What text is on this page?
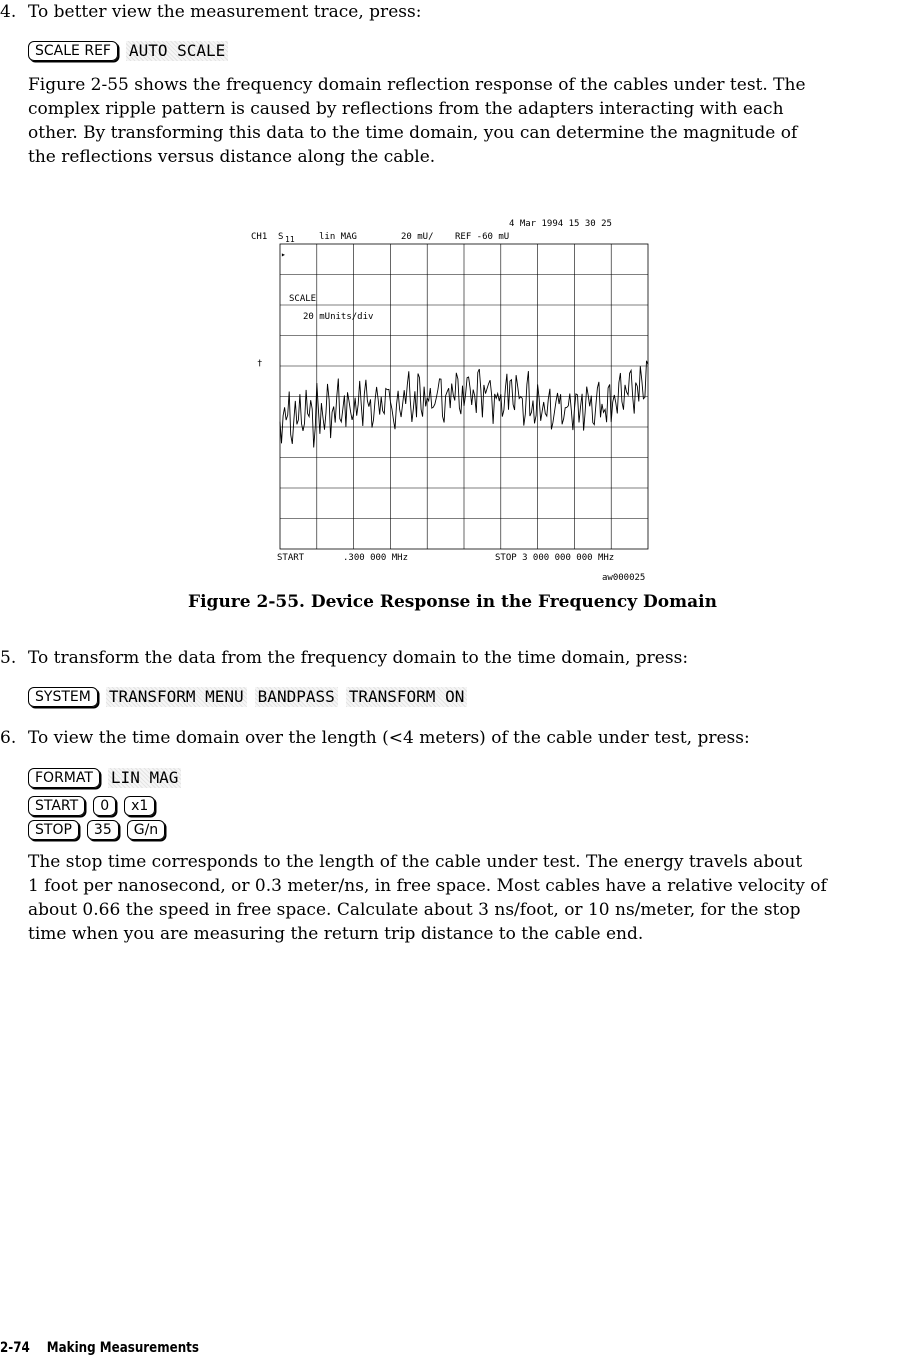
4. To better view the measurement trace, press:
SCALE REF AUTO SCALE
Figure 2-55 shows the frequency domain reflection response of the cables under test. The
complex ripple pattern is caused by reflections from the adapters interacting with each
other. By transforming this data to the time domain, you can determine the magnitude of
the reflections versus distance along the cable.
4 Mar 1994 15 30 25
CH1 S 11	lin MAG	20 mU/ REF -60 mU
▸
†
SCALE
20 mUnits/div
START	.300 000 MHz	STOP 3 000 000 000 MHz
aw000025
Figure 2-55. Device Response in the Frequency Domain
5. To transform the data from the frequency domain to the time domain, press:
SYSTEM TRANSFORM MENU BANDPASS TRANSFORM ON
6. To view the time domain over the length (<4 meters) of the cable under test, press:
FORMAT LIN MAG
START 0 x1
STOP 35 G/n
The stop time corresponds to the length of the cable under test. The energy travels about
1 foot per nanosecond, or 0.3 meter/ns, in free space. Most cables have a relative velocity of
about 0.66 the speed in free space. Calculate about 3 ns/foot, or 10 ns/meter, for the stop
time when you are measuring the return trip distance to the cable end.
2-74 Making Measurements
